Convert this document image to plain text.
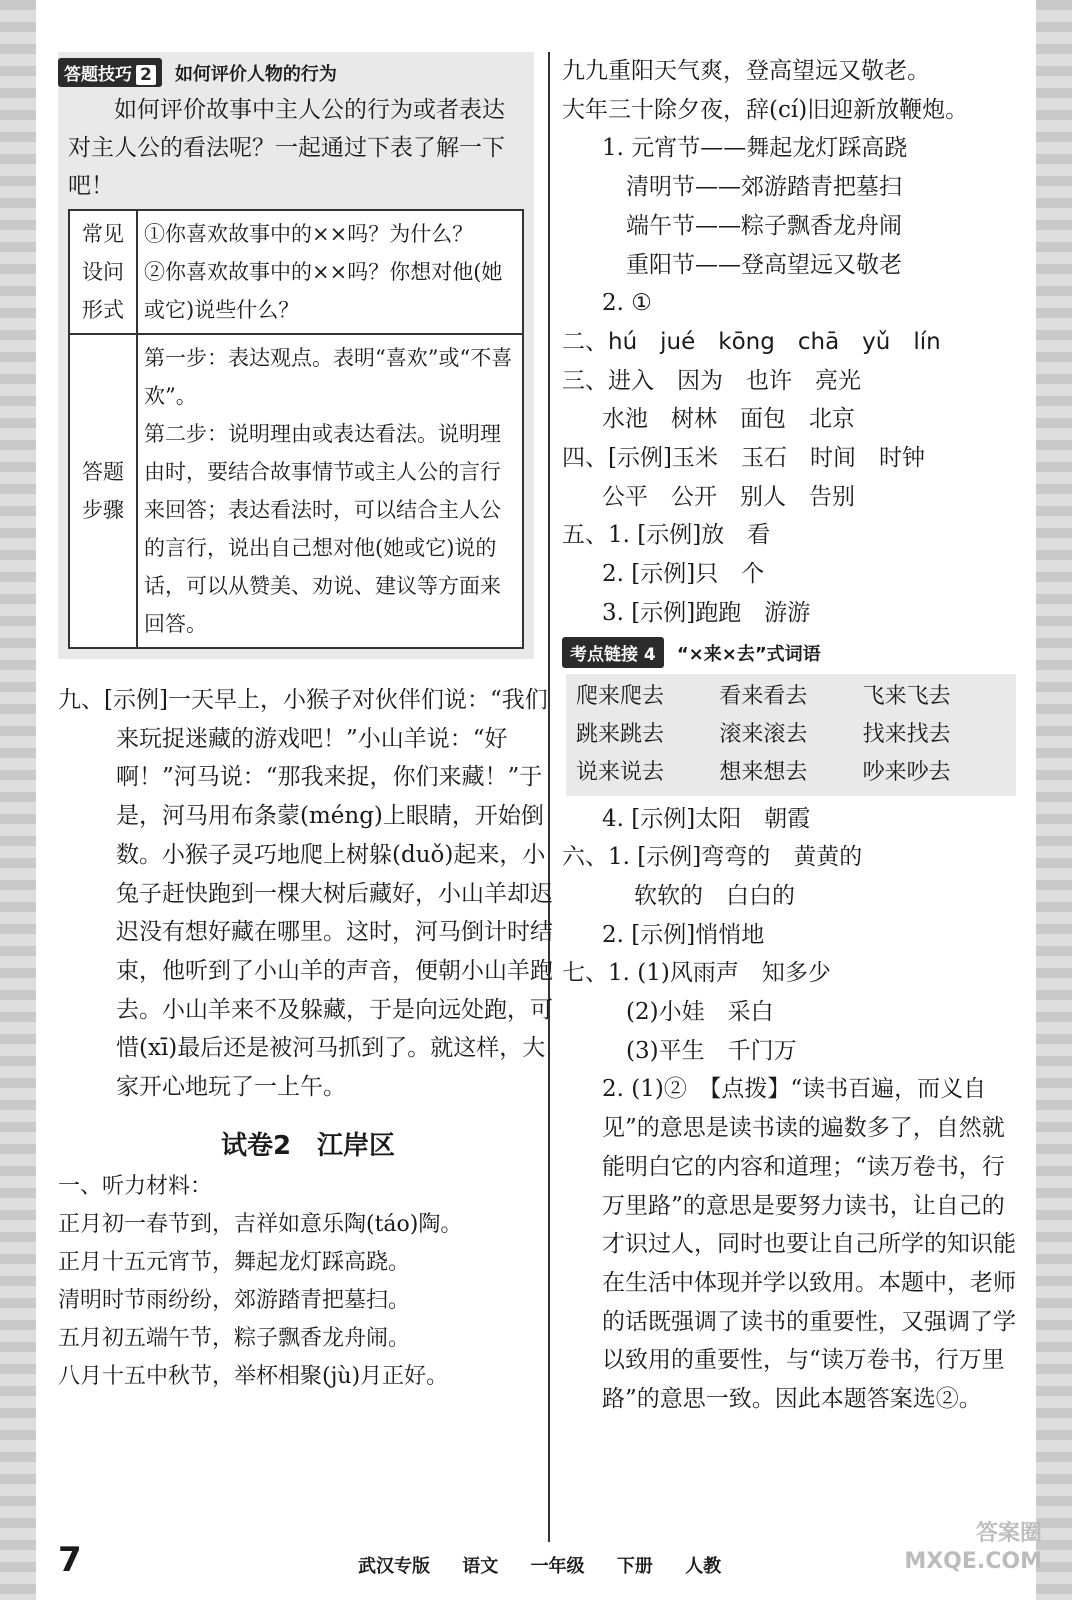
答题技巧 2 如何评价人物的行为

如何评价故事中主人公的行为或者表达对主人公的看法呢？一起通过下表了解一下吧！

常见设问形式	①你喜欢故事中的××吗？为什么？
②你喜欢故事中的××吗？你想对他(她或它)说些什么？

答题步骤	第一步：表达观点。表明“喜欢”或“不喜欢”。
第二步：说明理由或表达看法。说明理由时，要结合故事情节或主人公的言行来回答；表达看法时，可以结合主人公的言行，说出自己想对他(她或它)说的话，可以从赞美、劝说、建议等方面来回答。
九、[示例]一天早上，小猴子对伙伴们说：“我们来玩捉迷藏的游戏吧！”小山羊说：“好啊！”河马说：“那我来捉，你们来藏！”于是，河马用布条蒙(méng)上眼睛，开始倒数。小猴子灵巧地爬上树躲(duǒ)起来，小兔子赶快跑到一棵大树后藏好，小山羊却迟迟没有想好藏在哪里。这时，河马倒计时结束，他听到了小山羊的声音，便朝小山羊跑去。小山羊来不及躲藏，于是向远处跑，可惜(xī)最后还是被河马抓到了。就这样，大家开心地玩了一上午。
试卷2　江岸区

一、听力材料：

正月初一春节到，吉祥如意乐陶(táo)陶。

正月十五元宵节，舞起龙灯踩高跷。

清明时节雨纷纷，郊游踏青把墓扫。

五月初五端午节，粽子飘香龙舟闹。

八月十五中秋节，举杯相聚(jù)月正好。

九九重阳天气爽，登高望远又敬老。

大年三十除夕夜，辞(cí)旧迎新放鞭炮。

1. 元宵节——舞起龙灯踩高跷

清明节——郊游踏青把墓扫

端午节——粽子飘香龙舟闹

重阳节——登高望远又敬老

2. ①

二、hú　jué　kōng　chā　yǔ　lín

三、进入　因为　也许　亮光

水池　树林　面包　北京

四、[示例]玉米　玉石　时间　时钟

公平　公开　别人　告别

五、1. [示例]放　看

2. [示例]只　个

3. [示例]跑跑　游游

考点链接 4 “×来×去”式词语
爬来爬去	看来看去	飞来飞去
跳来跳去	滚来滚去	找来找去
说来说去	想来想去	吵来吵去

4. [示例]太阳　朝霞

六、1. [示例]弯弯的　黄黄的

软软的　白白的

2. [示例]悄悄地

七、1. (1)风雨声　知多少

(2)小娃　采白

(3)平生　千门万

2. (1)②　【点拨】“读书百遍，而义自见”的意思是读书读的遍数多了，自然就能明白它的内容和道理；“读万卷书，行万里路”的意思是要努力读书，让自己的才识过人，同时也要让自己所学的知识能在生活中体现并学以致用。本题中，老师的话既强调了读书的重要性，又强调了学以致用的重要性，与“读万卷书，行万里路”的意思一致。因此本题答案选②。

7	武汉专版 语文 一年级 下册 人教
答案圈
MXQE.COM
